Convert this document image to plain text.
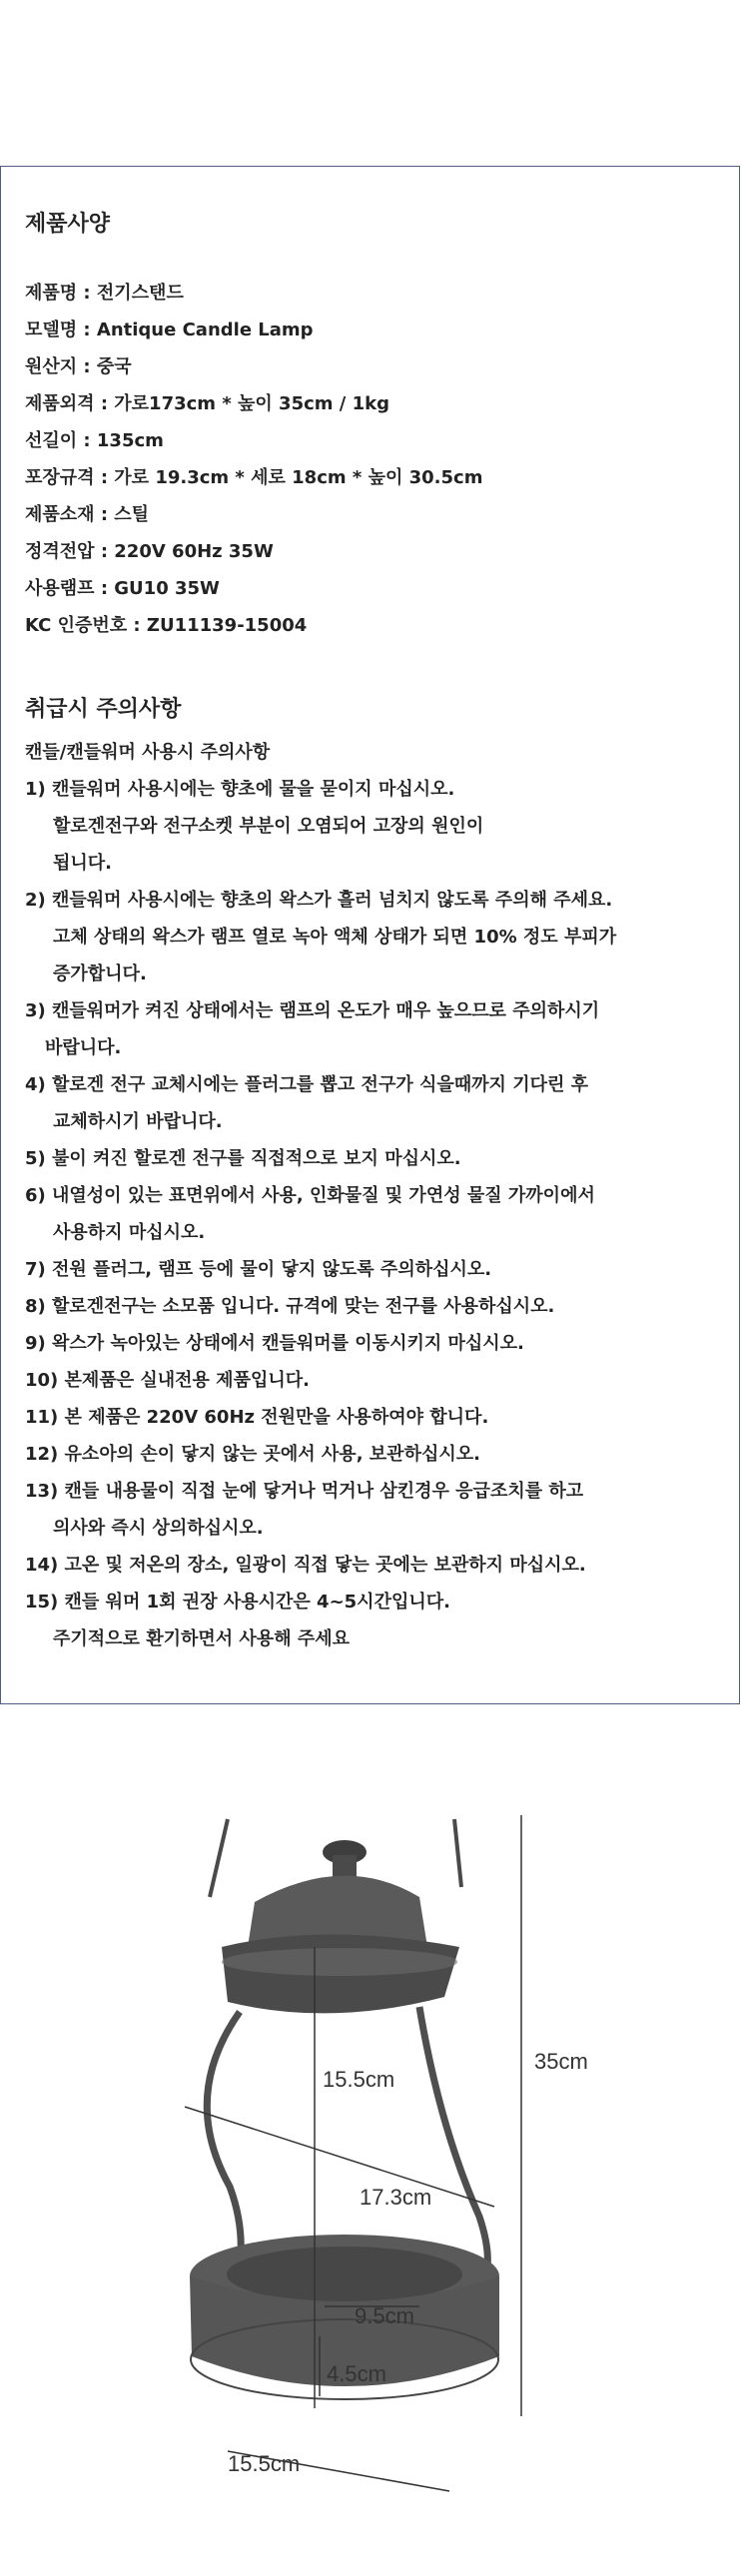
제품사양
제품명 : 전기스탠드
모델명 : Antique Candle Lamp
원산지 : 중국
제품외격 : 가로173cm * 높이 35cm / 1kg
선길이 : 135cm
포장규격 : 가로 19.3cm * 세로 18cm * 높이 30.5cm
제품소재 : 스틸
정격전압 : 220V 60Hz 35W
사용램프 : GU10 35W
KC 인증번호 : ZU11139-15004
취급시 주의사항
캔들/캔들워머 사용시 주의사항
1) 캔들워머 사용시에는 향초에 물을 묻이지 마십시오.
할로겐전구와 전구소켓 부분이 오염되어 고장의 원인이
됩니다.
2) 캔들워머 사용시에는 향초의 왁스가 흘러 넘치지 않도록 주의해 주세요.
고체 상태의 왁스가 램프 열로 녹아 액체 상태가 되면 10% 정도 부피가
증가합니다.
3) 캔들워머가 켜진 상태에서는 램프의 온도가 매우 높으므로 주의하시기
바랍니다.
4) 할로겐 전구 교체시에는 플러그를 뽑고 전구가 식을때까지 기다린 후
교체하시기 바랍니다.
5) 불이 켜진 할로겐 전구를 직접적으로 보지 마십시오.
6) 내열성이 있는 표면위에서 사용, 인화물질 및 가연성 물질 가까이에서
사용하지 마십시오.
7) 전원 플러그, 램프 등에 물이 닿지 않도록 주의하십시오.
8) 할로겐전구는 소모품 입니다. 규격에 맞는 전구를 사용하십시오.
9) 왁스가 녹아있는 상태에서 캔들워머를 이동시키지 마십시오.
10) 본제품은 실내전용 제품입니다.
11) 본 제품은 220V 60Hz 전원만을 사용하여야 합니다.
12) 유소아의 손이 닿지 않는 곳에서 사용, 보관하십시오.
13) 캔들 내용물이 직접 눈에 닿거나 먹거나 삼킨경우 응급조치를 하고
의사와 즉시 상의하십시오.
14) 고온 및 저온의 장소, 일광이 직접 닿는 곳에는 보관하지 마십시오.
15) 캔들 워머 1회 권장 사용시간은 4~5시간입니다.
주기적으로 환기하면서 사용해 주세요
35cm
15.5cm
17.3cm
9.5cm
4.5cm
15.5cm
